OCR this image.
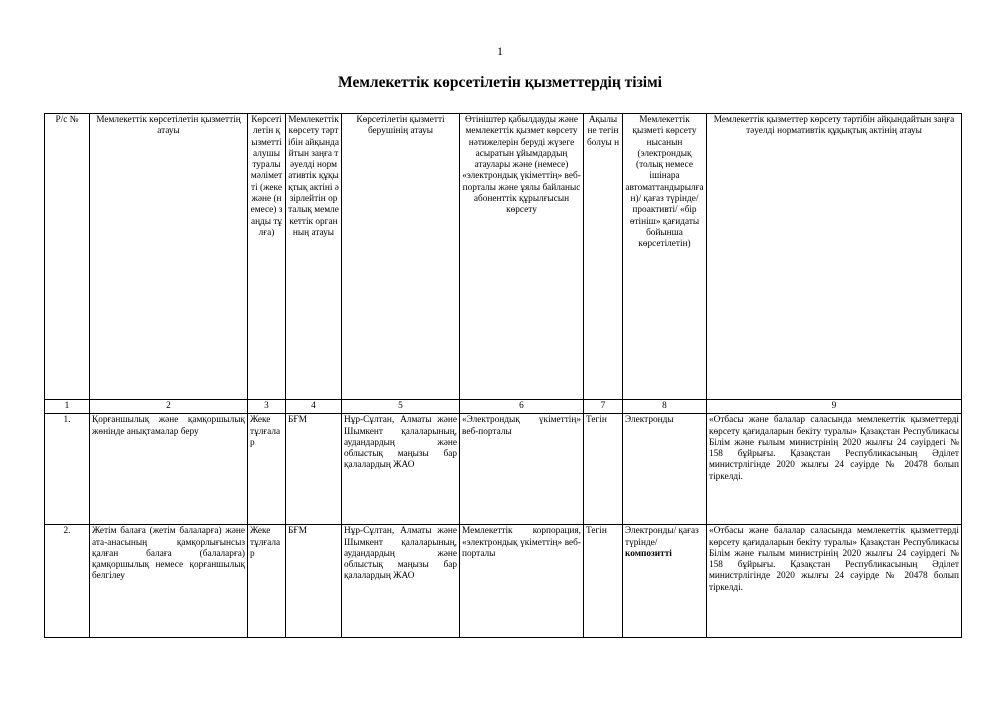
1
Мемлекеттік көрсетілетін қызметтердің тізімі
Р/с №	Мемлекеттік көрсетілетін қызметтің атауы	Көрсетілетін қызметті алушы туралы мәліметті (жеке және (немесе) заңды тұлға)	Мемлекеттік көрсету тәртібін айқындайтын заңға тәуелді нормативтік құқықтық актіні әзірлейтін орталық мемлекеттік органның атауы	Көрсетілетін қызметті берушінің атауы	Өтініштер қабылдауды және мемлекеттік қызмет көрсету нәтижелерін беруді жүзеге асыратын ұйымдардың атаулары және (немесе) «электрондық үкіметтің» веб-порталы және ұялы байланыс абоненттік құрылғысын көрсету	Ақылы не тегін болуы н	Мемлекеттік қызметі көрсету нысанын (электрондық (толық немесе ішінара автоматтандырылған)/ қағаз түрінде/ проактивті/ «бір өтініш» қағидаты бойынша көрсетілетін)	Мемлекеттік қызметтер көрсету тәртібін айқындайтын заңға тәуелді нормативтік құқықтық актінің атауы
1	2	3	4	5	6	7	8	9
1.	Қорғаншылық және қамқоршылық жөнінде анықтамалар беру	Жеке тұлғалар	БҒМ	Нұр-Сұлтан, Алматы және Шымкент қалаларының, аудандардың және облыстық маңызы бар қалалардың ЖАО	«Электрондық үкіметтің» веб-порталы	Тегін	Электронды	«Отбасы және балалар саласында мемлекеттік қызметтерді көрсету қағидаларын бекіту туралы» Қазақстан Республикасы Білім және ғылым министрінің 2020 жылғы 24 сәуірдегі № 158 бұйрығы. Қазақстан Республикасының Әділет министрлігінде 2020 жылғы 24 сәуірде № 20478 болып тіркелді.
2.	Жетім балаға (жетім балаларға) және ата-анасының қамқорлығынсыз қалған балаға (балаларға) қамқоршылық немесе қорғаншылық белгілеу	Жеке тұлғалар	БҒМ	Нұр-Сұлтан, Алматы және Шымкент қалаларының, аудандардың және облыстық маңызы бар қалалардың ЖАО	Мемлекеттік корпорация, «электрондық үкіметтің» веб-порталы	Тегін	Электронды/ қағаз түрінде/композитті	«Отбасы және балалар саласында мемлекеттік қызметтерді көрсету қағидаларын бекіту туралы» Қазақстан Республикасы Білім және ғылым министрінің 2020 жылғы 24 сәуірдегі № 158 бұйрығы. Қазақстан Республикасының Әділет министрлігінде 2020 жылғы 24 сәуірде № 20478 болып тіркелді.
